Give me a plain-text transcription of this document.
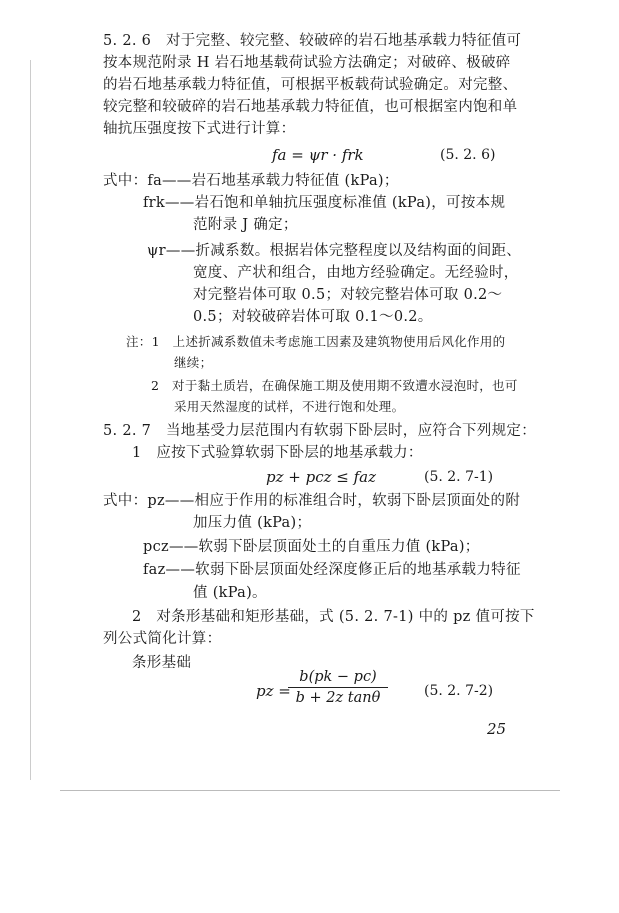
5. 2. 6　对于完整、较完整、较破碎的岩石地基承载力特征值可
按本规范附录 H 岩石地基载荷试验方法确定；对破碎、极破碎
的岩石地基承载力特征值，可根据平板载荷试验确定。对完整、
较完整和较破碎的岩石地基承载力特征值，也可根据室内饱和单
轴抗压强度按下式进行计算：
fa = ψr · frk	(5. 2. 6)
式中：fa——岩石地基承载力特征值 (kPa)；
frk——岩石饱和单轴抗压强度标准值 (kPa)，可按本规
范附录 J 确定；
ψr——折减系数。根据岩体完整程度以及结构面的间距、
宽度、产状和组合，由地方经验确定。无经验时，
对完整岩体可取 0.5；对较完整岩体可取 0.2～
0.5；对较破碎岩体可取 0.1～0.2。
注：1　上述折减系数值未考虑施工因素及建筑物使用后风化作用的
继续；
2　对于黏土质岩，在确保施工期及使用期不致遭水浸泡时，也可
采用天然湿度的试样，不进行饱和处理。
5. 2. 7　当地基受力层范围内有软弱下卧层时，应符合下列规定：
1　应按下式验算软弱下卧层的地基承载力：
pz + pcz ≤ faz	(5. 2. 7-1)
式中：pz——相应于作用的标准组合时，软弱下卧层顶面处的附
加压力值 (kPa)；
pcz——软弱下卧层顶面处土的自重压力值 (kPa)；
faz——软弱下卧层顶面处经深度修正后的地基承载力特征
值 (kPa)。
2　对条形基础和矩形基础，式 (5. 2. 7-1) 中的 pz 值可按下
列公式简化计算：
条形基础
pz =
$\frac{b(pk - pc)}{\text{b + 2z tanθ}}$	(5. 2. 7-2)
25
